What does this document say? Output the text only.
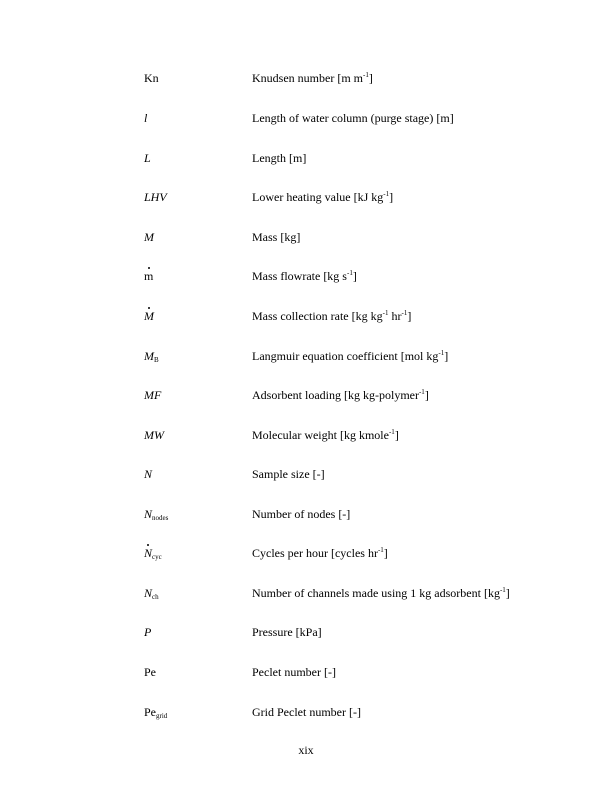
Kn	Knudsen number [m $m^{-1}$]
l	Length of water column (purge stage) [m]
L	Length [m]
LHV	Lower heating value [kJ $kg^{-1}$]
M	Mass [kg]
m	Mass flowrate [kg $s^{-1}$]
M	Mass collection rate [kg $kg^{-1}$ $hr^{-1}$]
$M_B$	Langmuir equation coefficient [mol $kg^{-1}$]
MF	Adsorbent loading [kg kg-polymer$^{-1}$]
MW	Molecular weight [kg kmole$^{-1}$]
N	Sample size [-]
$N_{nodes}$	Number of nodes [-]
$N_{cyc}$	Cycles per hour [cycles $hr^{-1}$]
$N_{ch}$	Number of channels made using 1 kg adsorbent $[kg^{-1}]$
P	Pressure [kPa]
Pe	Peclet number [-]
$Pe_{grid}$	Grid Peclet number [-]
xix
